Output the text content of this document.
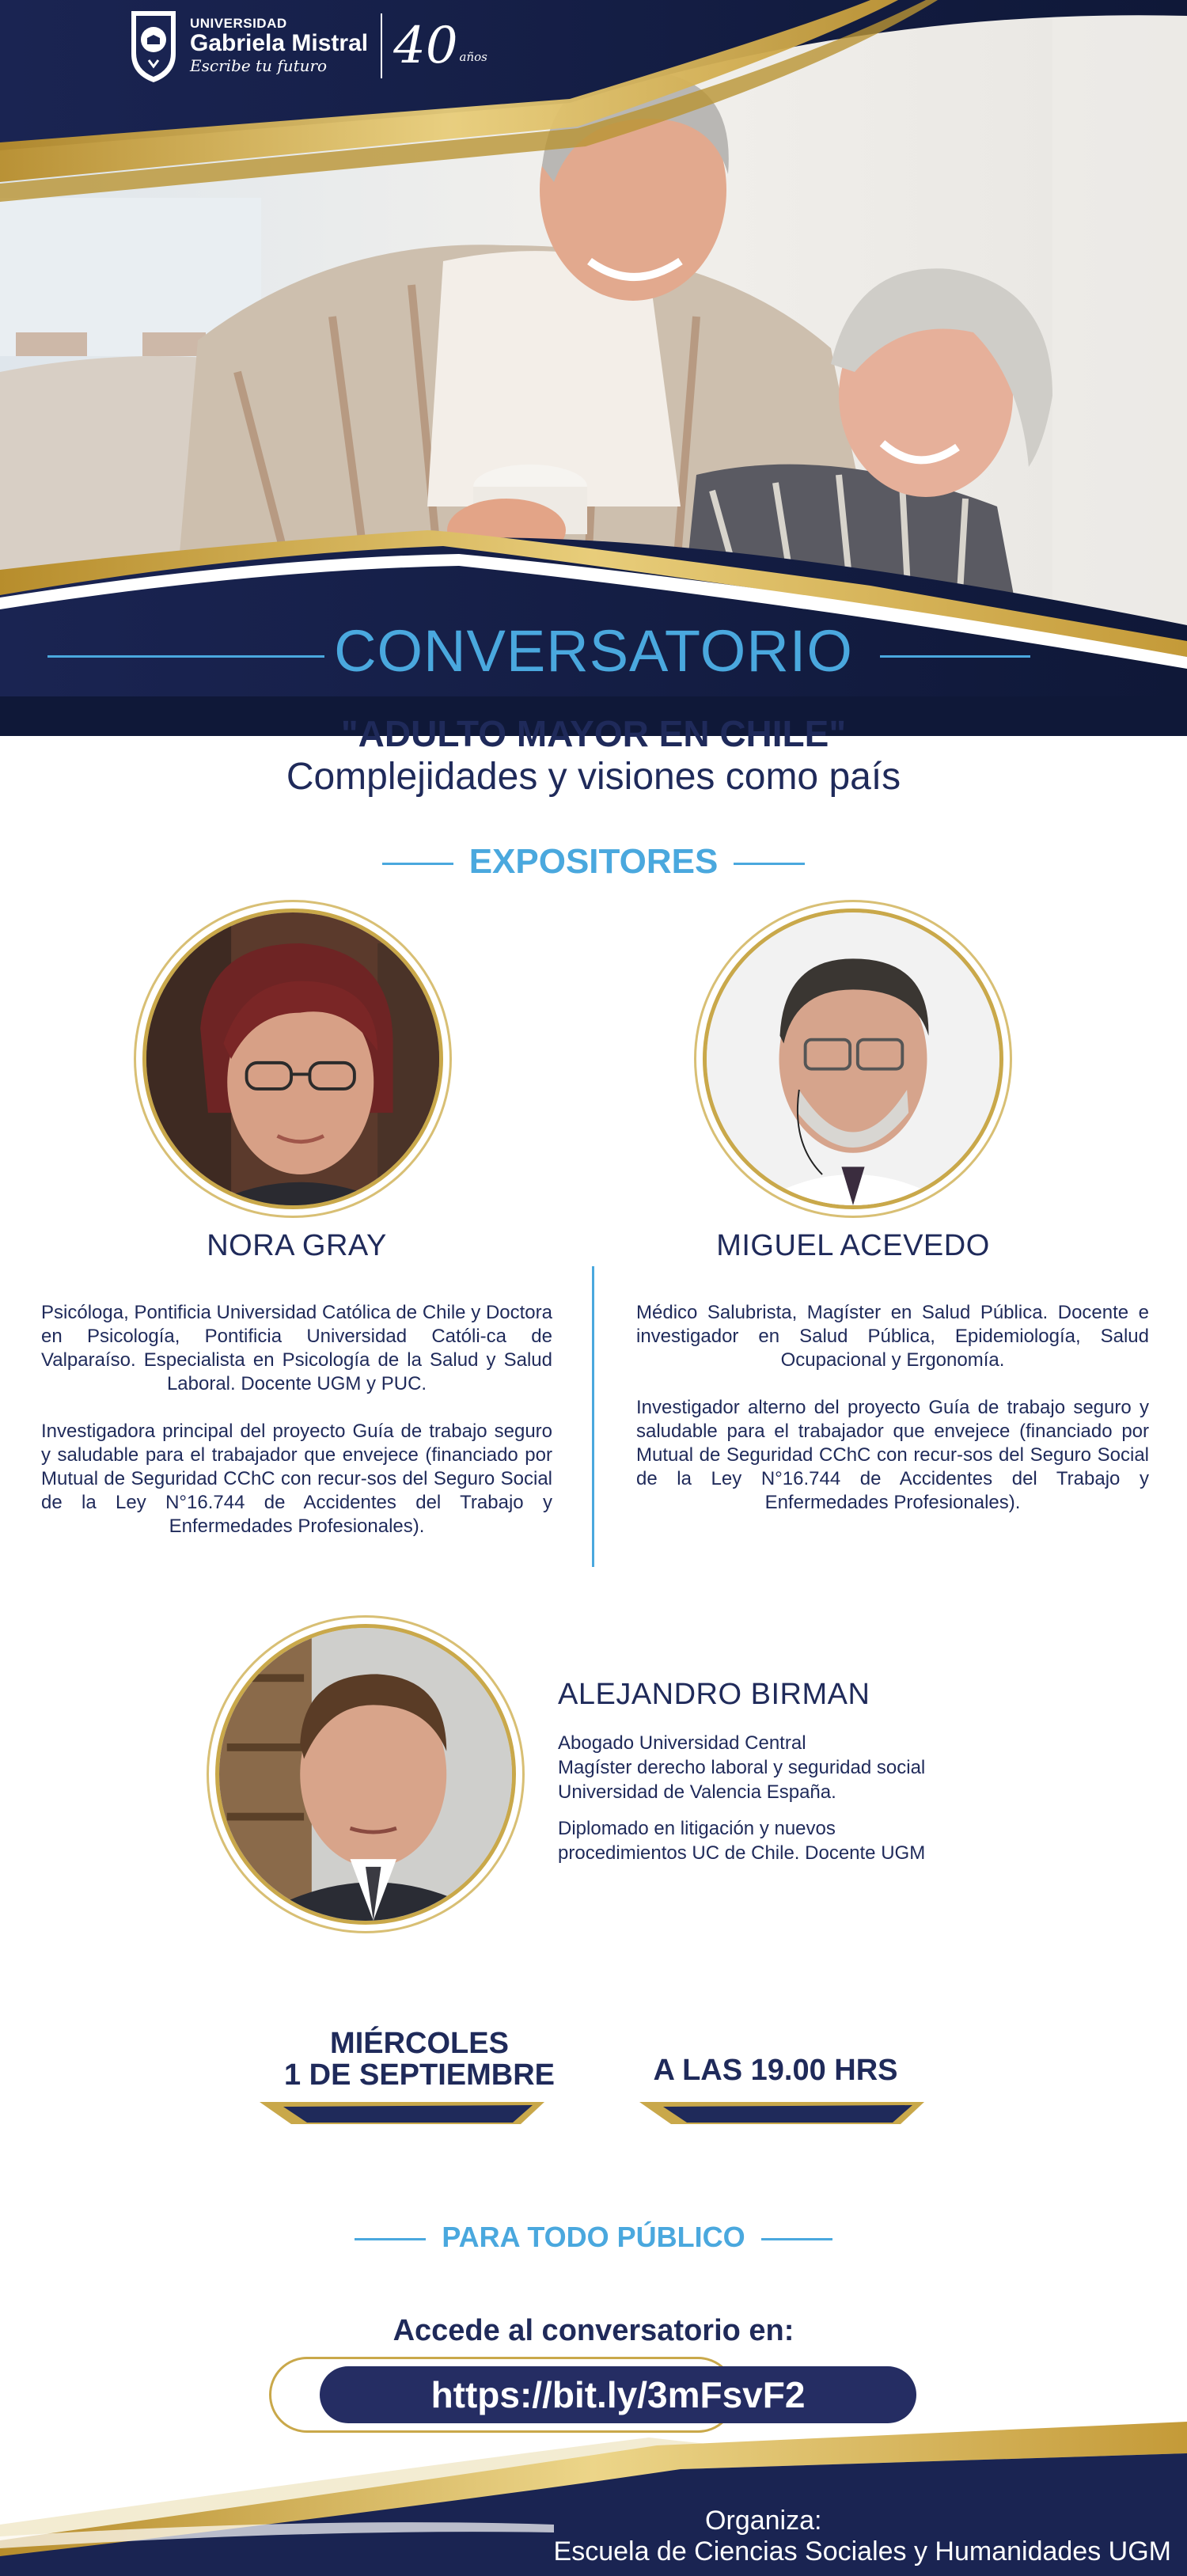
UNIVERSIDAD
Gabriela Mistral
Escribe tu futuro	40 años
CONVERSATORIO
"ADULTO MAYOR EN CHILE"
Complejidades y visiones como país
EXPOSITORES
NORA GRAY

Psicóloga, Pontificia Universidad Católica de Chile y Doctora en Psicología, Pontificia Universidad Católi-ca de Valparaíso. Especialista en Psicología de la Salud y Salud Laboral. Docente UGM y PUC.

Investigadora principal del proyecto Guía de trabajo seguro y saludable para el trabajador que envejece (financiado por Mutual de Seguridad CChC con recur-sos del Seguro Social de la Ley N°16.744 de Accidentes del Trabajo y Enfermedades Profesionales).

MIGUEL ACEVEDO

Médico Salubrista, Magíster en Salud Pública. Docente e investigador en Salud Pública, Epidemiología, Salud Ocupacional y Ergonomía.

Investigador alterno del proyecto Guía de trabajo seguro y saludable para el trabajador que envejece (financiado por Mutual de Seguridad CChC con recur-sos del Seguro Social de la Ley N°16.744 de Accidentes del Trabajo y Enfermedades Profesionales).

ALEJANDRO BIRMAN

Abogado Universidad Central
Magíster derecho laboral y seguridad social
Universidad de Valencia España.

Diplomado en litigación y nuevos
procedimientos UC de Chile. Docente UGM

MIÉRCOLES
1 DE SEPTIEMBRE	A LAS 19.00 HRS
PARA TODO PÚBLICO
Accede al conversatorio en:
https://bit.ly/3mFsvF2
Organiza:
Escuela de Ciencias Sociales y Humanidades UGM
